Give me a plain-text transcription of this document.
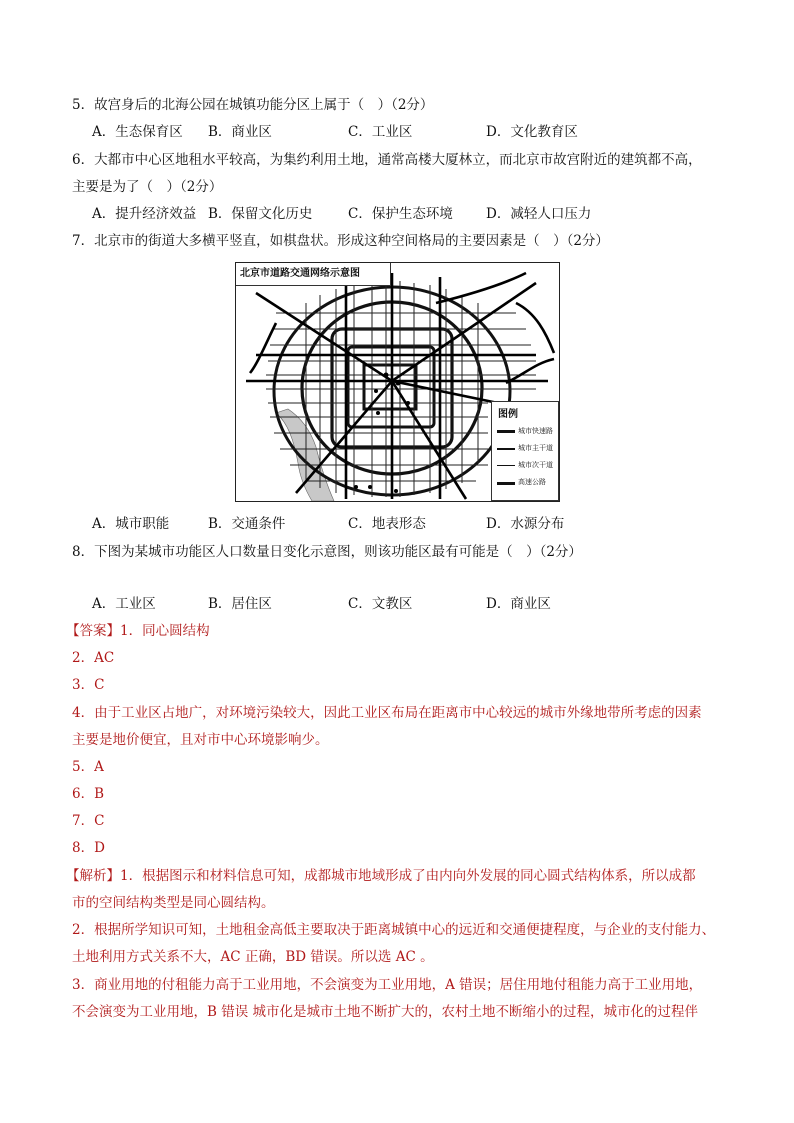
5．故宫身后的北海公园在城镇功能分区上属于（　）（2分）
A．生态保育区 B．商业区	C．工业区	D．文化教育区
6．大都市中心区地租水平较高，为集约利用土地，通常高楼大厦林立，而北京市故宫附近的建筑都不高，
主要是为了（　）（2分）
A．提升经济效益 B．保留文化历史	C．保护生态环境 D．减轻人口压力
7．北京市的街道大多横平竖直，如棋盘状。形成这种空间格局的主要因素是（　）（2分）
北京市道路交通网络示意图
图例
城市快速路
城市主干道
城市次干道
高速公路
A．城市职能	B．交通条件	C．地表形态	D．水源分布
8．下图为某城市功能区人口数量日变化示意图，则该功能区最有可能是（　）（2分）
A．工业区	B．居住区	C．文教区	D．商业区
【答案】1．同心圆结构
2．AC
3．C
4．由于工业区占地广，对环境污染较大，因此工业区布局在距离市中心较远的城市外缘地带所考虑的因素
主要是地价便宜，且对市中心环境影响少。
5．A
6．B
7．C
8．D
【解析】1．根据图示和材料信息可知，成都城市地域形成了由内向外发展的同心圆式结构体系，所以成都
市的空间结构类型是同心圆结构。
2．根据所学知识可知，土地租金高低主要取决于距离城镇中心的远近和交通便捷程度，与企业的支付能力、
土地利用方式关系不大，AC 正确，BD 错误。所以选 AC 。
3．商业用地的付租能力高于工业用地，不会演变为工业用地，A 错误；居住用地付租能力高于工业用地，
不会演变为工业用地，B 错误 城市化是城市土地不断扩大的，农村土地不断缩小的过程，城市化的过程伴
